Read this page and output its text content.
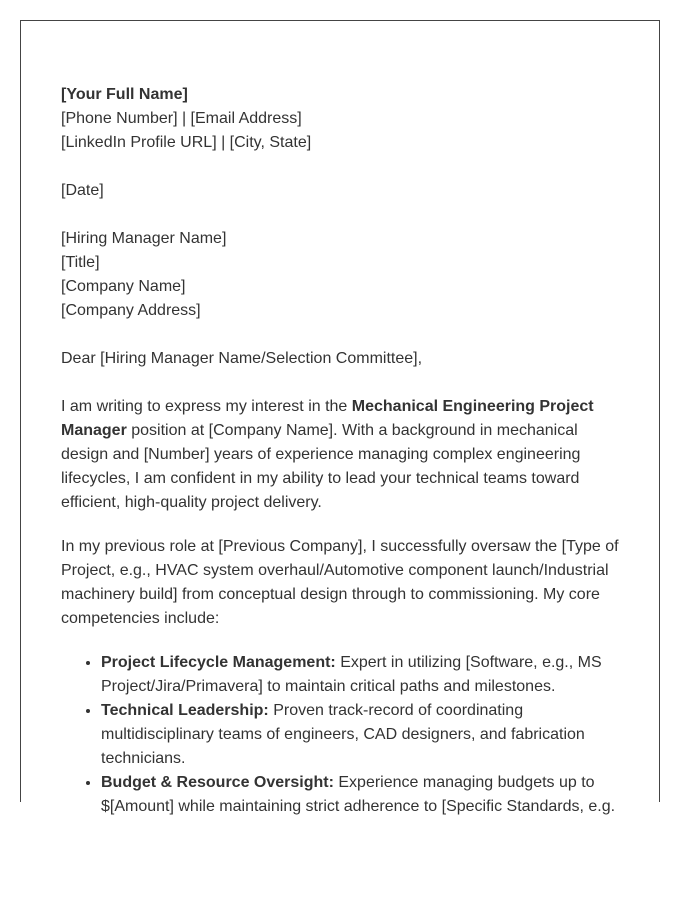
[Your Full Name]
[Phone Number] | [Email Address]
[LinkedIn Profile URL] | [City, State]
[Date]
[Hiring Manager Name]
[Title]
[Company Name]
[Company Address]
Dear [Hiring Manager Name/Selection Committee],

I am writing to express my interest in the Mechanical Engineering Project Manager position at [Company Name]. With a background in mechanical design and [Number] years of experience managing complex engineering lifecycles, I am confident in my ability to lead your technical teams toward efficient, high-quality project delivery.

In my previous role at [Previous Company], I successfully oversaw the [Type of Project, e.g., HVAC system overhaul/Automotive component launch/Industrial machinery build] from conceptual design through to commissioning. My core competencies include:

• Project Lifecycle Management: Expert in utilizing [Software, e.g., MS Project/Jira/Primavera] to maintain critical paths and milestones.
• Technical Leadership: Proven track-record of coordinating multidisciplinary teams of engineers, CAD designers, and fabrication technicians.
• Budget & Resource Oversight: Experience managing budgets up to $[Amount] while maintaining strict adherence to [Specific Standards, e.g.
